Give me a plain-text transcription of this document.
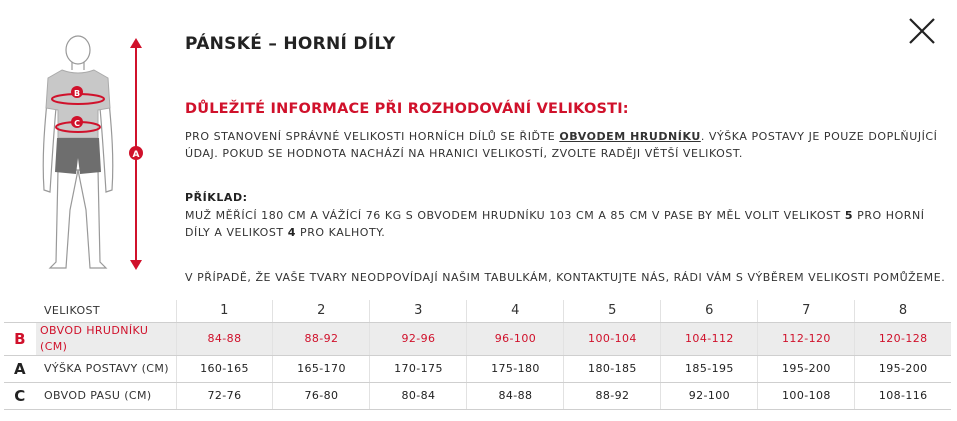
B
C
A
PÁNSKÉ – HORNÍ DÍLY
DŮLEŽITÉ INFORMACE PŘI ROZHODOVÁNÍ VELIKOSTI:
PRO STANOVENÍ SPRÁVNÉ VELIKOSTI HORNÍCH DÍLŮ SE ŘIĎTE OBVODEM HRUDNÍKU. VÝŠKA POSTAVY JE POUZE DOPLŇUJÍCÍ ÚDAJ. POKUD SE HODNOTA NACHÁZÍ NA HRANICI VELIKOSTÍ, ZVOLTE RADĚJI VĚTŠÍ VELIKOST.
PŘÍKLAD:
MUŽ MĚŘÍCÍ 180 CM A VÁŽÍCÍ 76 KG S OBVODEM HRUDNÍKU 103 CM A 85 CM V PASE BY MĚL VOLIT VELIKOST 5 PRO HORNÍ DÍLY A VELIKOST 4 PRO KALHOTY.
V PŘÍPADĚ, ŽE VAŠE TVARY NEODPOVÍDAJÍ NAŠIM TABULKÁM, KONTAKTUJTE NÁS, RÁDI VÁM S VÝBĚREM VELIKOSTI POMŮŽEME.
	VELIKOST	1	2	3	4	5	6	7	8
B	OBVOD HRUDNÍKU (CM)	84-88	88-92	92-96	96-100	100-104	104-112	112-120	120-128
A	VÝŠKA POSTAVY (CM)	160-165	165-170	170-175	175-180	180-185	185-195	195-200	195-200
C	OBVOD PASU (CM)	72-76	76-80	80-84	84-88	88-92	92-100	100-108	108-116
